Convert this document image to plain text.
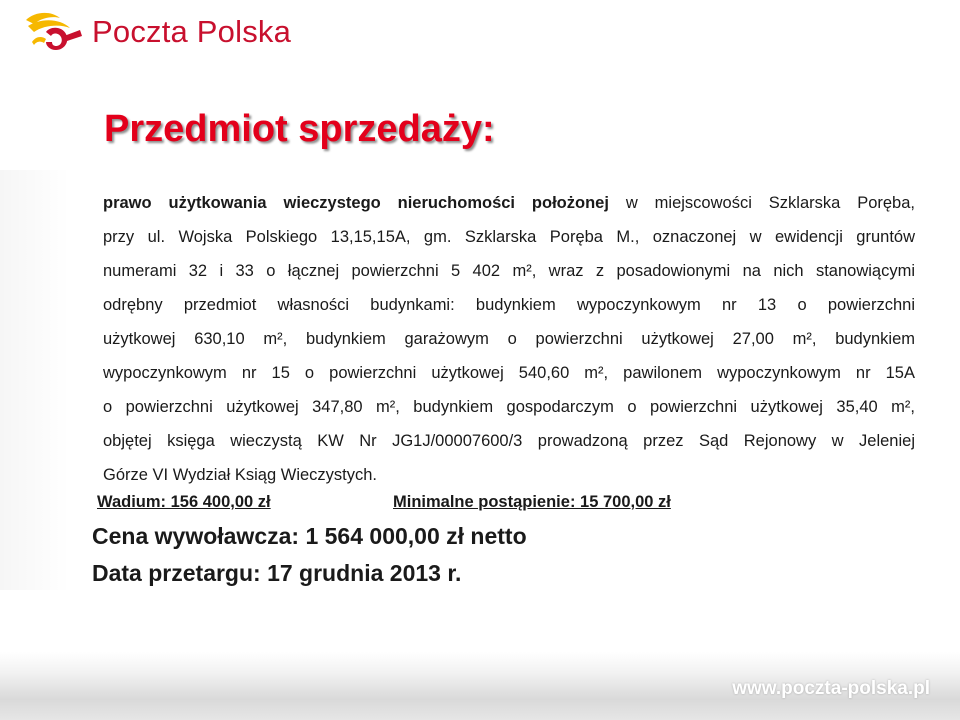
Poczta Polska
Przedmiot sprzedaży:
prawo użytkowania wieczystego nieruchomości położonej w miejscowości Szklarska Poręba,
przy ul. Wojska Polskiego 13,15,15A, gm. Szklarska Poręba M., oznaczonej w ewidencji gruntów
numerami 32 i 33 o łącznej powierzchni 5 402 m², wraz z posadowionymi na nich stanowiącymi
odrębny przedmiot własności budynkami: budynkiem wypoczynkowym nr 13 o powierzchni
użytkowej 630,10 m², budynkiem garażowym o powierzchni użytkowej 27,00 m², budynkiem
wypoczynkowym nr 15 o powierzchni użytkowej 540,60 m², pawilonem wypoczynkowym nr 15A
o powierzchni użytkowej 347,80 m², budynkiem gospodarczym o powierzchni użytkowej 35,40 m²,
objętej księga wieczystą KW Nr JG1J/00007600/3 prowadzoną przez Sąd Rejonowy w Jeleniej
Górze VI Wydział Ksiąg Wieczystych.
Wadium: 156 400,00 zł	Minimalne postąpienie: 15 700,00 zł
Cena wywoławcza: 1 564 000,00 zł netto
Data przetargu: 17 grudnia 2013 r.
www.poczta-polska.pl
